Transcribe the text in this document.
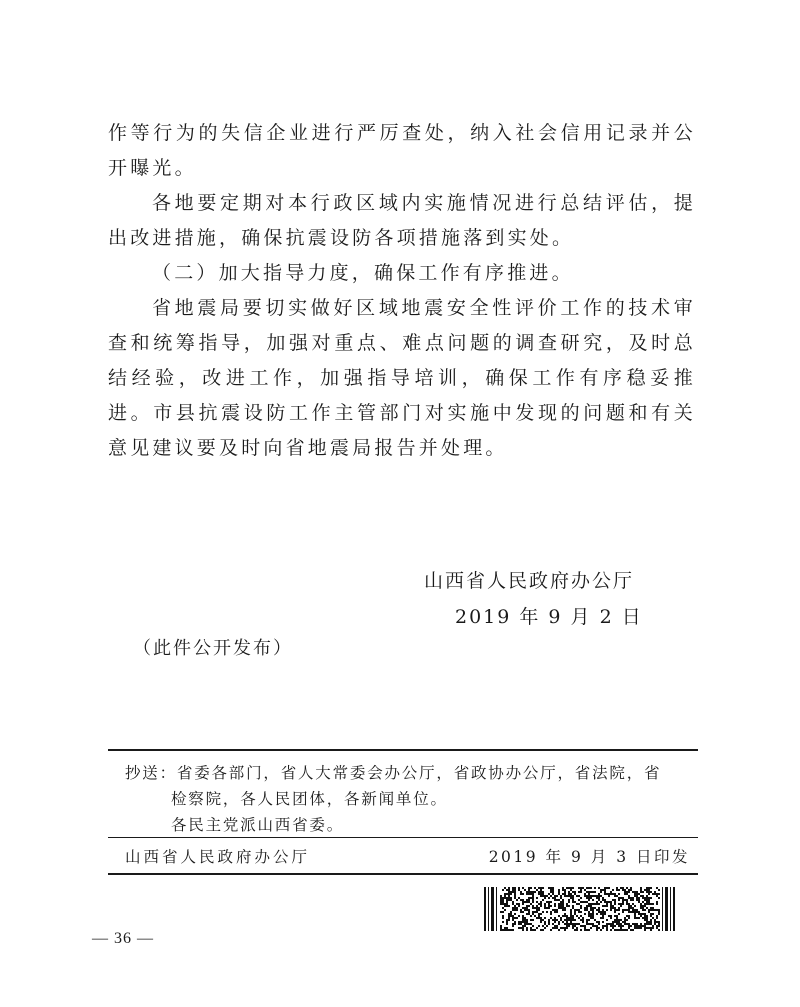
作等行为的失信企业进行严厉查处，纳入社会信用记录并公开曝光。

各地要定期对本行政区域内实施情况进行总结评估，提出改进措施，确保抗震设防各项措施落到实处。

（二）加大指导力度，确保工作有序推进。

省地震局要切实做好区域地震安全性评价工作的技术审查和统筹指导，加强对重点、难点问题的调查研究，及时总结经验，改进工作，加强指导培训，确保工作有序稳妥推进。市县抗震设防工作主管部门对实施中发现的问题和有关意见建议要及时向省地震局报告并处理。

山西省人民政府办公厅
2019 年 9 月 2 日
（此件公开发布）
抄送：省委各部门，省人大常委会办公厅，省政协办公厅，省法院，省
检察院，各人民团体，各新闻单位。
各民主党派山西省委。
山西省人民政府办公厅	2019 年 9 月 3 日印发
— 36 —
